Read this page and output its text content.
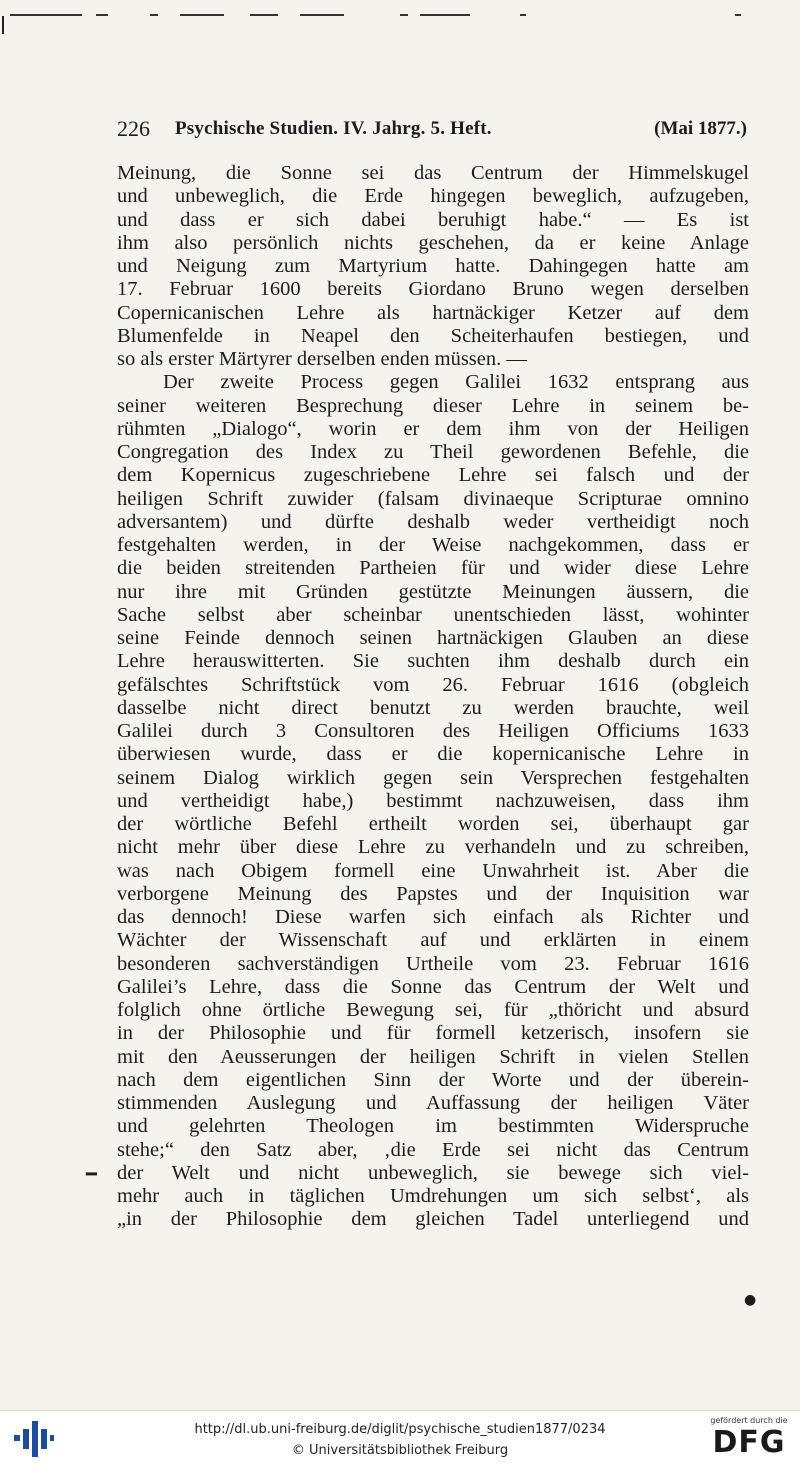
226 Psychische Studien. IV. Jahrg. 5. Heft.	(Mai 1877.)
Meinung, die Sonne sei das Centrum der Himmelskugel
und unbeweglich, die Erde hingegen beweglich, aufzugeben,
und dass er sich dabei beruhigt habe.“ — Es ist
ihm also persönlich nichts geschehen, da er keine Anlage
und Neigung zum Martyrium hatte. Dahingegen hatte am
17. Februar 1600 bereits Giordano Bruno wegen derselben
Copernicanischen Lehre als hartnäckiger Ketzer auf dem
Blumenfelde in Neapel den Scheiterhaufen bestiegen, und
so als erster Märtyrer derselben enden müssen. —
Der zweite Process gegen Galilei 1632 entsprang aus
seiner weiteren Besprechung dieser Lehre in seinem be-
rühmten „Dialogo“, worin er dem ihm von der Heiligen
Congregation des Index zu Theil gewordenen Befehle, die
dem Kopernicus zugeschriebene Lehre sei falsch und der
heiligen Schrift zuwider (falsam divinaeque Scripturae omnino
adversantem) und dürfte deshalb weder vertheidigt noch
festgehalten werden, in der Weise nachgekommen, dass er
die beiden streitenden Partheien für und wider diese Lehre
nur ihre mit Gründen gestützte Meinungen äussern, die
Sache selbst aber scheinbar unentschieden lässt, wohinter
seine Feinde dennoch seinen hartnäckigen Glauben an diese
Lehre herauswitterten. Sie suchten ihm deshalb durch ein
gefälschtes Schriftstück vom 26. Februar 1616 (obgleich
dasselbe nicht direct benutzt zu werden brauchte, weil
Galilei durch 3 Consultoren des Heiligen Officiums 1633
überwiesen wurde, dass er die kopernicanische Lehre in
seinem Dialog wirklich gegen sein Versprechen festgehalten
und vertheidigt habe,) bestimmt nachzuweisen, dass ihm
der wörtliche Befehl ertheilt worden sei, überhaupt gar
nicht mehr über diese Lehre zu verhandeln und zu schreiben,
was nach Obigem formell eine Unwahrheit ist. Aber die
verborgene Meinung des Papstes und der Inquisition war
das dennoch! Diese warfen sich einfach als Richter und
Wächter der Wissenschaft auf und erklärten in einem
besonderen sachverständigen Urtheile vom 23. Februar 1616
Galilei’s Lehre, dass die Sonne das Centrum der Welt und
folglich ohne örtliche Bewegung sei, für „thöricht und absurd
in der Philosophie und für formell ketzerisch, insofern sie
mit den Aeusserungen der heiligen Schrift in vielen Stellen
nach dem eigentlichen Sinn der Worte und der überein-
stimmenden Auslegung und Auffassung der heiligen Väter
und gelehrten Theologen im bestimmten Widerspruche
stehe;“ den Satz aber, ‚die Erde sei nicht das Centrum
der Welt und nicht unbeweglich, sie bewege sich viel-
mehr auch in täglichen Umdrehungen um sich selbst‘, als
„in der Philosophie dem gleichen Tadel unterliegend und
━
●
http://dl.ub.uni-freiburg.de/diglit/psychische_studien1877/0234
© Universitätsbibliothek Freiburg
gefördert durch die
DFG
